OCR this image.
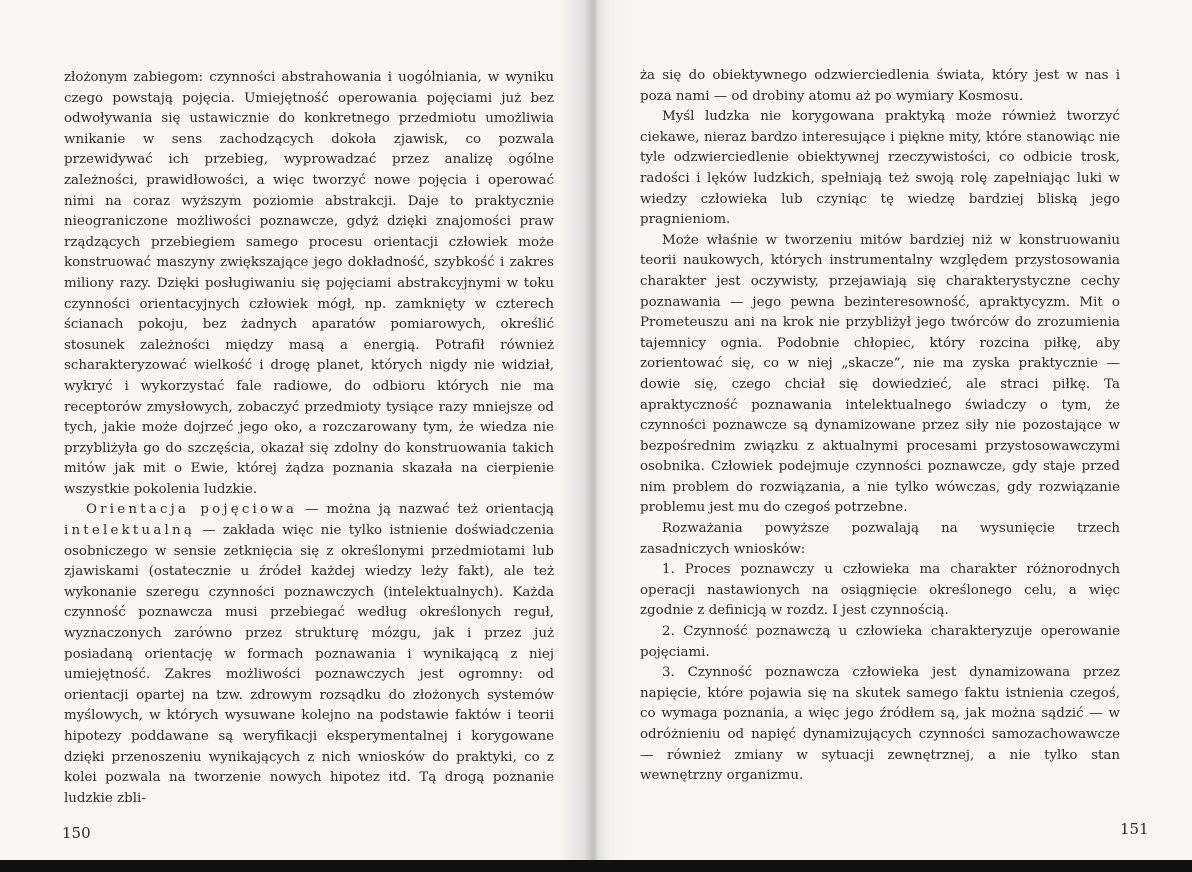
złożonym zabiegom: czynności abstrahowania i uogólniania, w wyniku czego powstają pojęcia. Umiejętność operowania pojęciami już bez odwoływania się ustawicznie do konkretnego przedmiotu umożliwia wnikanie w sens zachodzących dokoła zjawisk, co pozwala przewidywać ich przebieg, wyprowadzać przez analizę ogólne zależności, prawidłowości, a więc tworzyć nowe pojęcia i operować nimi na coraz wyższym poziomie abstrakcji. Daje to praktycznie nieograniczone możliwości poznawcze, gdyż dzięki znajomości praw rządzących przebiegiem samego procesu orientacji człowiek może konstruować maszyny zwiększające jego dokładność, szybkość i zakres miliony razy. Dzięki posługiwaniu się pojęciami abstrakcyjnymi w toku czynności orientacyjnych człowiek mógł, np. zamknięty w czterech ścianach pokoju, bez żadnych aparatów pomiarowych, określić stosunek zależności między masą a energią. Potrafił również scharakteryzować wielkość i drogę planet, których nigdy nie widział, wykryć i wykorzystać fale radiowe, do odbioru których nie ma receptorów zmysłowych, zobaczyć przedmioty tysiące razy mniejsze od tych, jakie może dojrzeć jego oko, a rozczarowany tym, że wiedza nie przybliżyła go do szczęścia, okazał się zdolny do konstruowania takich mitów jak mit o Ewie, której żądza poznania skazała na cierpienie wszystkie pokolenia ludzkie.

Orientacja pojęciowa — można ją nazwać też orientacją intelektualną — zakłada więc nie tylko istnienie doświadczenia osobniczego w sensie zetknięcia się z określonymi przedmiotami lub zjawiskami (ostatecznie u źródeł każdej wiedzy leży fakt), ale też wykonanie szeregu czynności poznawczych (intelektualnych). Każda czynność poznawcza musi przebiegać według określonych reguł, wyznaczonych zarówno przez strukturę mózgu, jak i przez już posiadaną orientację w formach poznawania i wynikającą z niej umiejętność. Zakres możliwości poznawczych jest ogromny: od orientacji opartej na tzw. zdrowym rozsądku do złożonych systemów myślowych, w których wysuwane kolejno na podstawie faktów i teorii hipotezy poddawane są weryfikacji eksperymentalnej i korygowane dzięki przenoszeniu wynikających z nich wniosków do praktyki, co z kolei pozwala na tworzenie nowych hipotez itd. Tą drogą poznanie ludzkie zbli-

ża się do obiektywnego odzwierciedlenia świata, który jest w nas i poza nami — od drobiny atomu aż po wymiary Kosmosu.

Myśl ludzka nie korygowana praktyką może również tworzyć ciekawe, nieraz bardzo interesujące i piękne mity, które stanowiąc nie tyle odzwierciedlenie obiektywnej rzeczywistości, co odbicie trosk, radości i lęków ludzkich, spełniają też swoją rolę zapełniając luki w wiedzy człowieka lub czyniąc tę wiedzę bardziej bliską jego pragnieniom.

Może właśnie w tworzeniu mitów bardziej niż w konstruowaniu teorii naukowych, których instrumentalny względem przystosowania charakter jest oczywisty, przejawiają się charakterystyczne cechy poznawania — jego pewna bezinteresowność, apraktycyzm. Mit o Prometeuszu ani na krok nie przybliżył jego twórców do zrozumienia tajemnicy ognia. Podobnie chłopiec, który rozcina piłkę, aby zorientować się, co w niej „skacze”, nie ma zyska praktycznie — dowie się, czego chciał się dowiedzieć, ale straci piłkę. Ta apraktyczność poznawania intelektualnego świadczy o tym, że czynności poznawcze są dynamizowane przez siły nie pozostające w bezpośrednim związku z aktualnymi procesami przystosowawczymi osobnika. Człowiek podejmuje czynności poznawcze, gdy staje przed nim problem do rozwiązania, a nie tylko wówczas, gdy rozwiązanie problemu jest mu do czegoś potrzebne.

Rozważania powyższe pozwalają na wysunięcie trzech zasadniczych wniosków:

1. Proces poznawczy u człowieka ma charakter różnorodnych operacji nastawionych na osiągnięcie określonego celu, a więc zgodnie z definicją w rozdz. I jest czynnością.

2. Czynność poznawczą u człowieka charakteryzuje operowanie pojęciami.

3. Czynność poznawcza człowieka jest dynamizowana przez napięcie, które pojawia się na skutek samego faktu istnienia czegoś, co wymaga poznania, a więc jego źródłem są, jak można sądzić — w odróżnieniu od napięć dynamizujących czynności samozachowawcze — również zmiany w sytuacji zewnętrznej, a nie tylko stan wewnętrzny organizmu.

150	151
